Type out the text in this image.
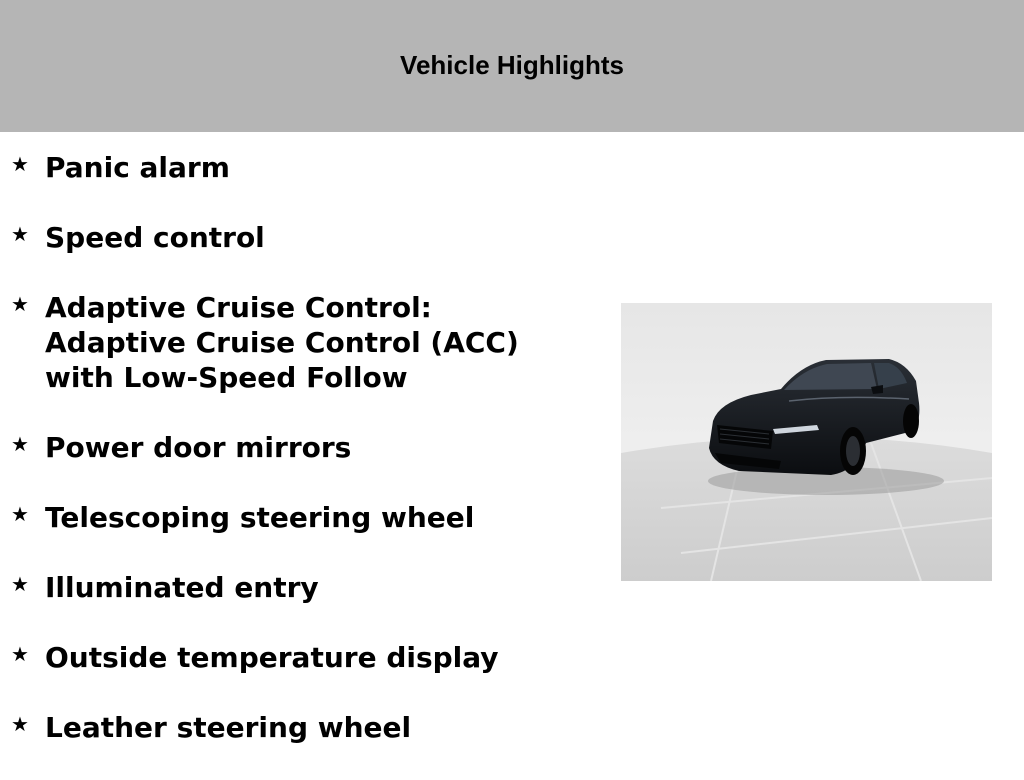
Vehicle Highlights
★ Panic alarm
★ Speed control
★ Adaptive Cruise Control:
Adaptive Cruise Control (ACC)
with Low-Speed Follow
★ Power door mirrors
★ Telescoping steering wheel
★ Illuminated entry
★ Outside temperature display
★ Leather steering wheel
